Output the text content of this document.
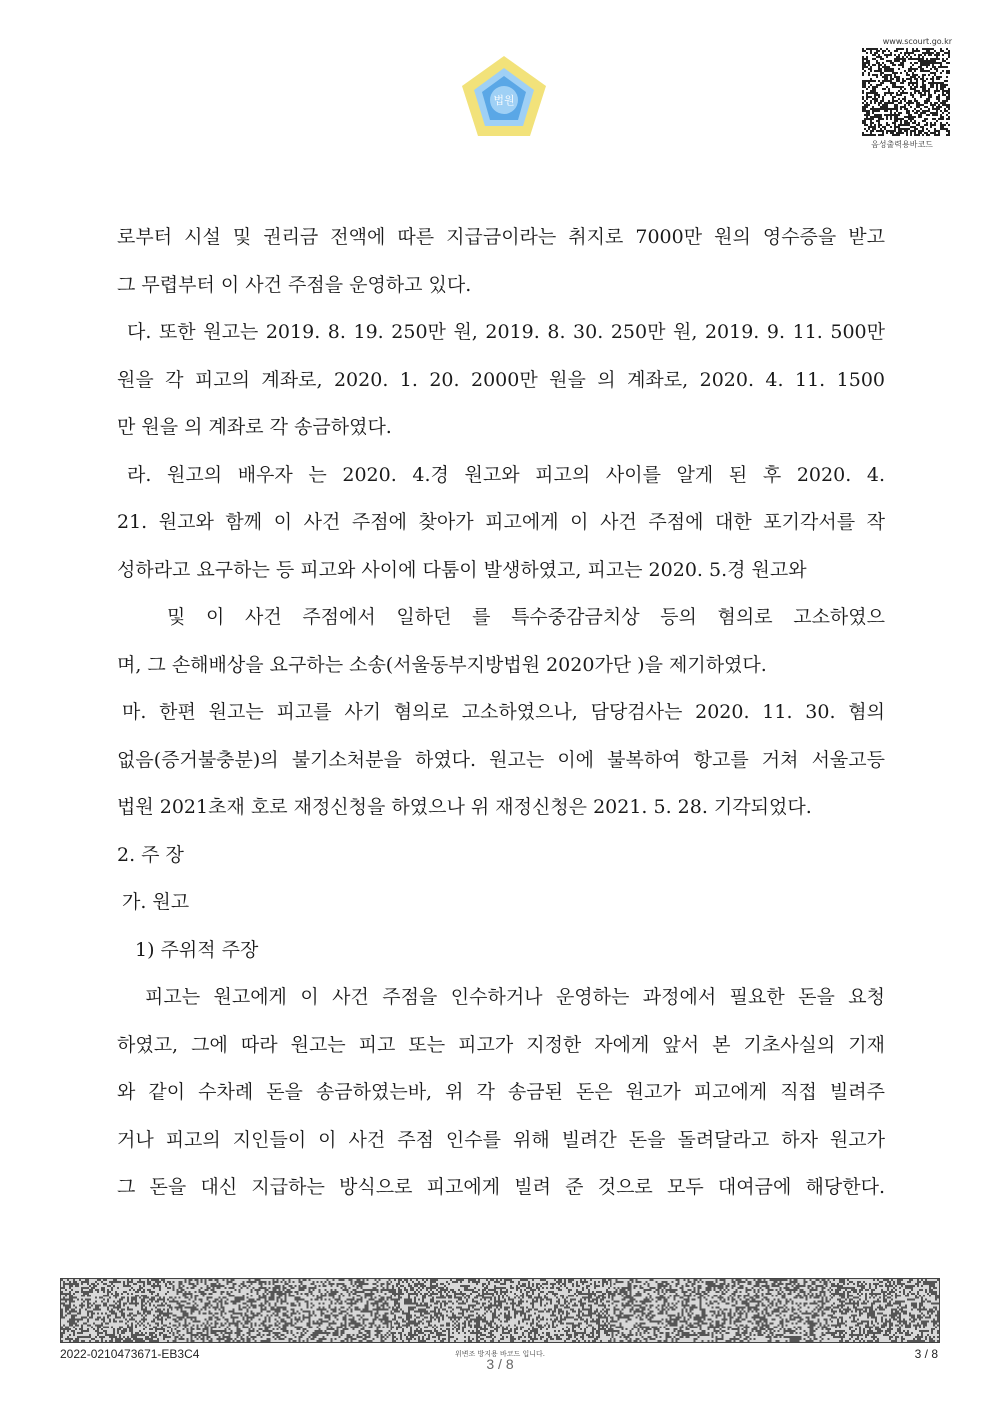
법원
www.scourt.go.kr
음성출력용바코드
로부터 시설 및 권리금 전액에 따른 지급금이라는 취지로 7000만 원의 영수증을 받고
그 무렵부터 이 사건 주점을 운영하고 있다.
다. 또한 원고는 2019. 8. 19. 250만 원, 2019. 8. 30. 250만 원, 2019. 9. 11. 500만
원을 각 피고의 계좌로, 2020. 1. 20. 2000만 원을 의 계좌로, 2020. 4. 11. 1500
만 원을 의 계좌로 각 송금하였다.
라. 원고의 배우자 는 2020. 4.경 원고와 피고의 사이를 알게 된 후 2020. 4.
21. 원고와 함께 이 사건 주점에 찾아가 피고에게 이 사건 주점에 대한 포기각서를 작
성하라고 요구하는 등 피고와 사이에 다툼이 발생하였고, 피고는 2020. 5.경 원고와
및 이 사건 주점에서 일하던 를 특수중감금치상 등의 혐의로 고소하였으
며, 그 손해배상을 요구하는 소송(서울동부지방법원 2020가단 )을 제기하였다.
마. 한편 원고는 피고를 사기 혐의로 고소하였으나, 담당검사는 2020. 11. 30. 혐의
없음(증거불충분)의 불기소처분을 하였다. 원고는 이에 불복하여 항고를 거쳐 서울고등
법원 2021초재 호로 재정신청을 하였으나 위 재정신청은 2021. 5. 28. 기각되었다.
2. 주 장
가. 원고
1) 주위적 주장
피고는 원고에게 이 사건 주점을 인수하거나 운영하는 과정에서 필요한 돈을 요청
하였고, 그에 따라 원고는 피고 또는 피고가 지정한 자에게 앞서 본 기초사실의 기재
와 같이 수차례 돈을 송금하였는바, 위 각 송금된 돈은 원고가 피고에게 직접 빌려주
거나 피고의 지인들이 이 사건 주점 인수를 위해 빌려간 돈을 돌려달라고 하자 원고가
그 돈을 대신 지급하는 방식으로 피고에게 빌려 준 것으로 모두 대여금에 해당한다.
2022-0210473671-EB3C4	위변조 방지용 바코드 입니다.
3 / 8
3 / 8
